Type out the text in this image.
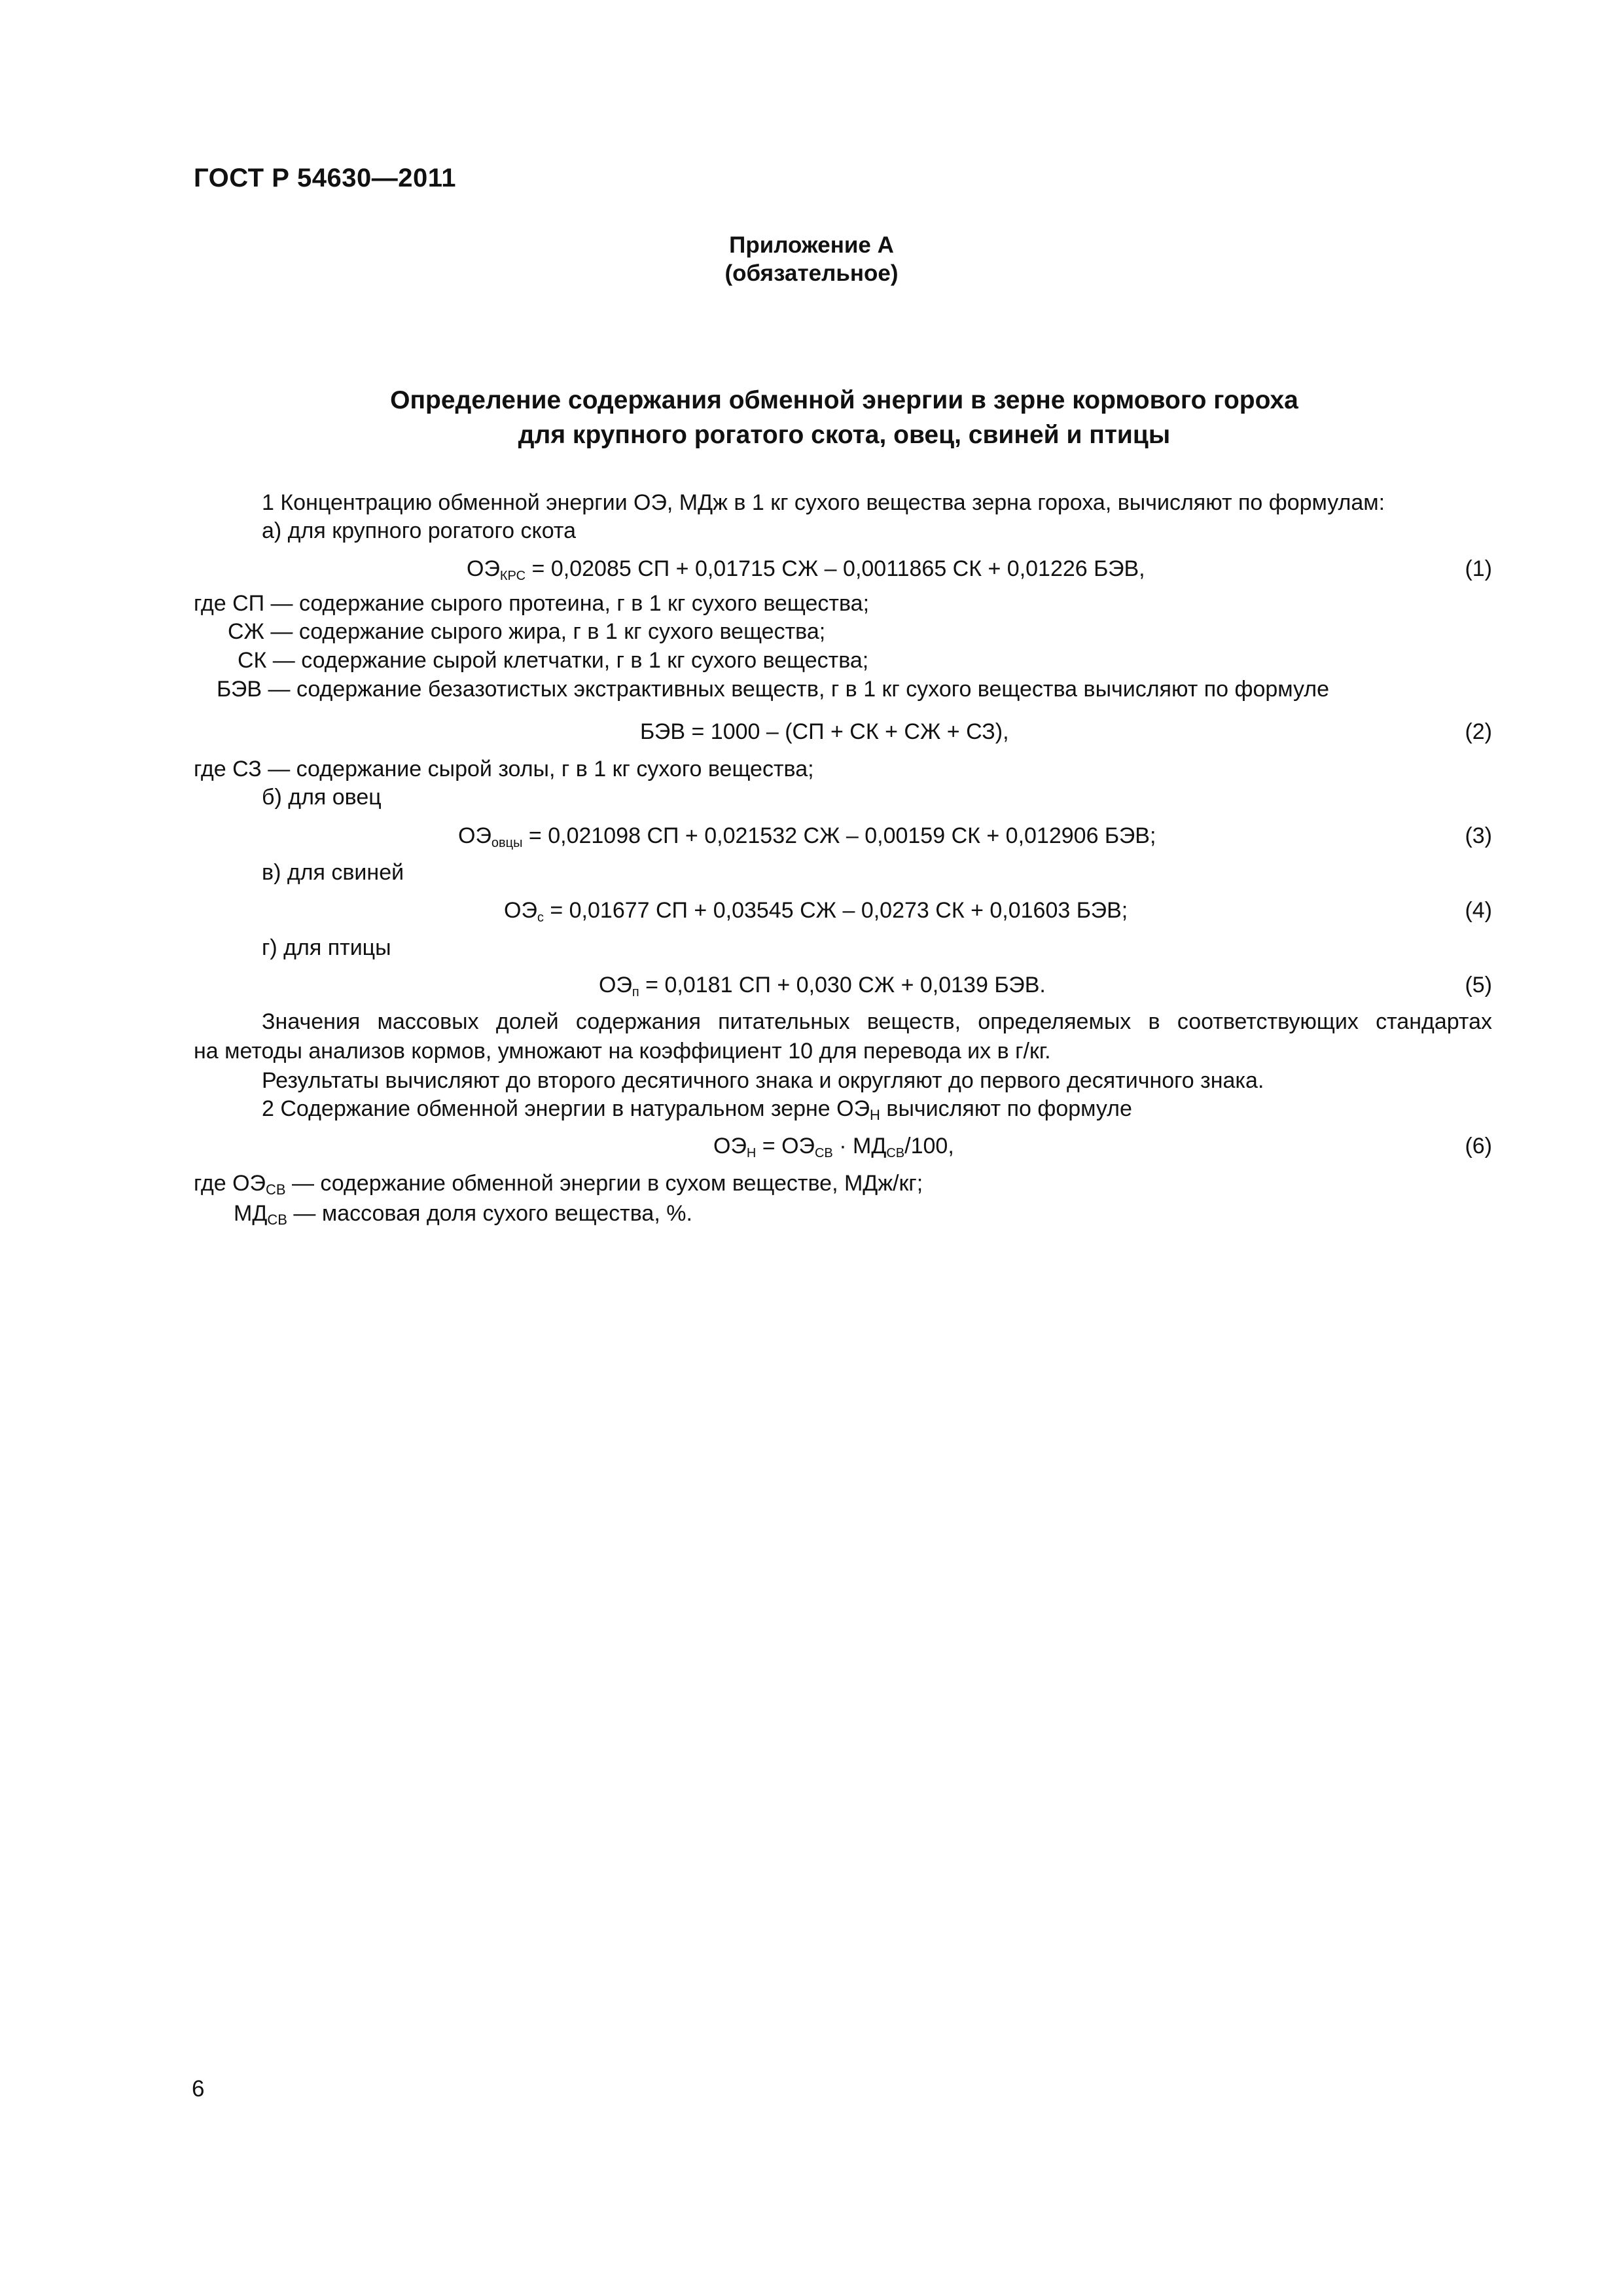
ГОСТ Р 54630—2011
Приложение А
(обязательное)
Определение содержания обменной энергии в зерне кормового гороха
для крупного рогатого скота, овец, свиней и птицы
1 Концентрацию обменной энергии ОЭ, МДж в 1 кг сухого вещества зерна гороха, вычисляют по формулам:
а) для крупного рогатого скота
$ОЭ_{КРС} = 0,02085$ СП + 0,01715 СЖ – 0,0011865 СК + 0,01226 БЭВ,	(1)
где СП — содержание сырого протеина, г в 1 кг сухого вещества;
СЖ — содержание сырого жира, г в 1 кг сухого вещества;
СК — содержание сырой клетчатки, г в 1 кг сухого вещества;
БЭВ — содержание безазотистых экстрактивных веществ, г в 1 кг сухого вещества вычисляют по формуле
БЭВ = 1000 – (СП + СК + СЖ + СЗ),	(2)
где СЗ — содержание сырой золы, г в 1 кг сухого вещества;
б) для овец
$ОЭ_{овцы} = 0,021098$ СП + 0,021532 СЖ – 0,00159 СК + 0,012906 БЭВ;	(3)
в) для свиней
$ОЭ_с = 0,01677$ СП + 0,03545 СЖ – 0,0273 СК + 0,01603 БЭВ;	(4)
г) для птицы
$ОЭ_п = 0,0181$ СП + 0,030 СЖ + 0,0139 БЭВ.	(5)
Значения массовых долей содержания питательных веществ, определяемых в соответствующих стандартах
на методы анализов кормов, умножают на коэффициент 10 для перевода их в г/кг.
Результаты вычисляют до второго десятичного знака и округляют до первого десятичного знака.
2 Содержание обменной энергии в натуральном зерне $ОЭ_Н$ вычисляют по формуле
$ОЭ_Н = ОЭ_{СВ} \cdot МД_{СВ}/100$,	(6)
где $ОЭ_{СВ}$ — содержание обменной энергии в сухом веществе, МДж/кг;
$МД_{СВ}$ — массовая доля сухого вещества, %.
6
